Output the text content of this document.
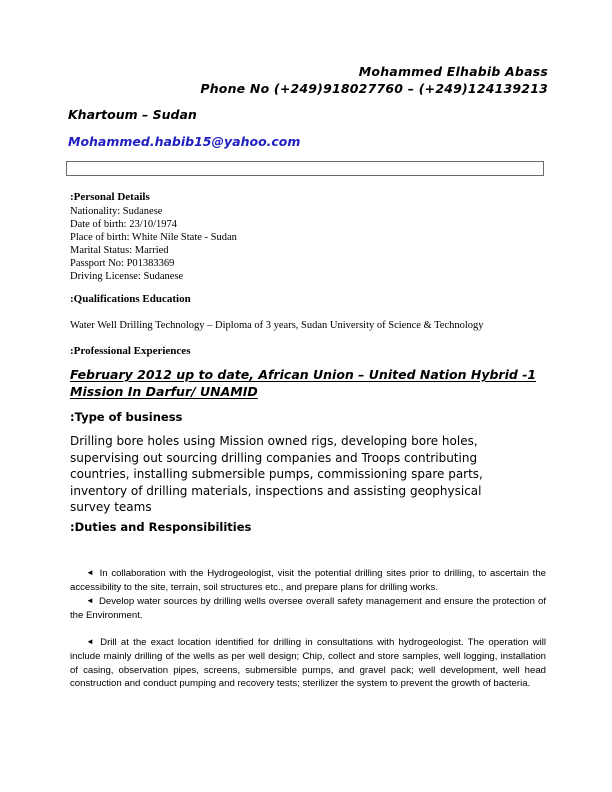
Mohammed Elhabib Abass
Phone No (+249)918027760 – (+249)124139213
Khartoum – Sudan
Mohammed.habib15@yahoo.com
:Personal Details
Nationality: Sudanese
Date of birth: 23/10/1974
Place of birth: White Nile State - Sudan
Marital Status: Married
Passport No: P01383369
Driving License: Sudanese
:Qualifications Education
Water Well Drilling Technology – Diploma of 3 years, Sudan University of Science & Technology
:Professional Experiences
February 2012 up to date, African Union – United Nation Hybrid -1
Mission In Darfur/ UNAMID
:Type of business
Drilling bore holes using Mission owned rigs, developing bore holes, supervising out sourcing drilling companies and Troops contributing countries, installing submersible pumps, commissioning spare parts, inventory of drilling materials, inspections and assisting geophysical survey teams
:Duties and Responsibilities

◄ In collaboration with the Hydrogeologist, visit the potential drilling sites prior to drilling, to ascertain the accessibility to the site, terrain, soil structures etc., and prepare plans for drilling works.

◄ Develop water sources by drilling wells oversee overall safety management and ensure the protection of the Environment.

◄ Drill at the exact location identified for drilling in consultations with hydrogeologist. The operation will include mainly drilling of the wells as per well design; Chip, collect and store samples, well logging, installation of casing, observation pipes, screens, submersible pumps, and gravel pack; well development, well head construction and conduct pumping and recovery tests; sterilizer the system to prevent the growth of bacteria.
